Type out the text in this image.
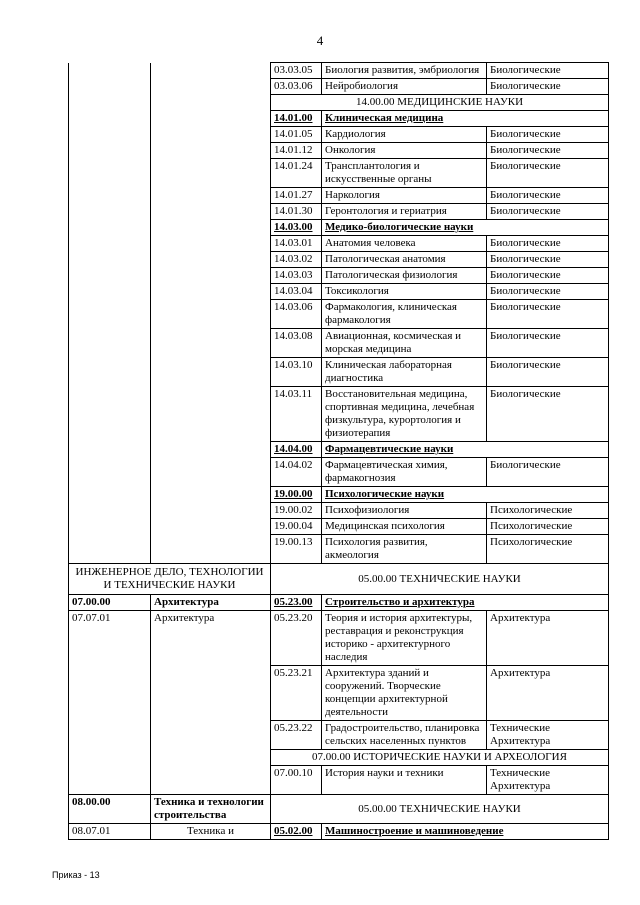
4
		03.03.05	Биология развития, эмбриология	Биологические
		03.03.06	Нейробиология	Биологические
		14.00.00 МЕДИЦИНСКИЕ НАУКИ		
		14.01.00	Клиническая медицина	
		14.01.05	Кардиология	Биологические
		14.01.12	Онкология	Биологические
		14.01.24	Трансплантология и искусственные органы	Биологические
		14.01.27	Наркология	Биологические
		14.01.30	Геронтология и гериатрия	Биологические
		14.03.00	Медико-биологические науки	
		14.03.01	Анатомия человека	Биологические
		14.03.02	Патологическая анатомия	Биологические
		14.03.03	Патологическая физиология	Биологические
		14.03.04	Токсикология	Биологические
		14.03.06	Фармакология, клиническая фармакология	Биологические
		14.03.08	Авиационная, космическая и морская медицина	Биологические
		14.03.10	Клиническая лабораторная диагностика	Биологические
		14.03.11	Восстановительная медицина, спортивная медицина, лечебная физкультура, курортология и физиотерапия	Биологические
		14.04.00	Фармацевтические науки	
		14.04.02	Фармацевтическая химия, фармакогнозия	Биологические
		19.00.00	Психологические науки	
		19.00.02	Психофизиология	Психологические
		19.00.04	Медицинская психология	Психологические
		19.00.13	Психология развития, акмеология	Психологические
ИНЖЕНЕРНОЕ ДЕЛО, ТЕХНОЛОГИИ И ТЕХНИЧЕСКИЕ НАУКИ		05.00.00 ТЕХНИЧЕСКИЕ НАУКИ		
07.00.00	Архитектура	05.23.00	Строительство и архитектура	
07.07.01	Архитектура	05.23.20	Теория и история архитектуры, реставрация и реконструкция историко - архитектурного наследия	Архитектура
		05.23.21	Архитектура зданий и сооружений. Творческие концепции архитектурной деятельности	Архитектура
		05.23.22	Градостроительство, планировка сельских населенных пунктов	Технические Архитектура
		07.00.00 ИСТОРИЧЕСКИЕ НАУКИ И АРХЕОЛОГИЯ		
		07.00.10	История науки и техники	Технические Архитектура
08.00.00	Техника и технологии строительства	05.00.00 ТЕХНИЧЕСКИЕ НАУКИ		
08.07.01	Техника и	05.02.00	Машиностроение и машиноведение	
Приказ - 13
